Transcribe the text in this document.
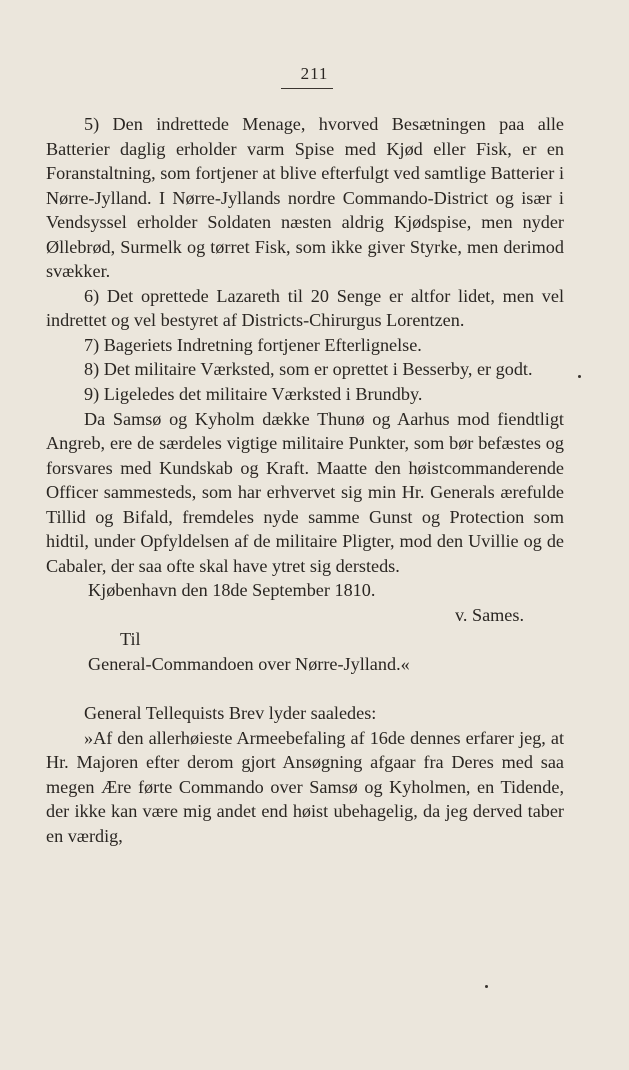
211

5) Den indrettede Menage, hvorved Besætningen paa alle Batterier daglig erholder varm Spise med Kjød eller Fisk, er en Foranstaltning, som fortjener at blive efterfulgt ved samtlige Batterier i Nørre-Jylland. I Nørre-Jyllands nordre Commando-District og især i Vendsyssel erholder Soldaten næsten aldrig Kjødspise, men nyder Øllebrød, Surmelk og tørret Fisk, som ikke giver Styrke, men derimod svækker.

6) Det oprettede Lazareth til 20 Senge er altfor lidet, men vel indrettet og vel bestyret af Districts-Chirurgus Lorentzen.

7) Bageriets Indretning fortjener Efterlignelse.

8) Det militaire Værksted, som er oprettet i Besserby, er godt.

9) Ligeledes det militaire Værksted i Brundby.

Da Samsø og Kyholm dække Thunø og Aarhus mod fiendtligt Angreb, ere de særdeles vigtige militaire Punkter, som bør befæstes og forsvares med Kundskab og Kraft. Maatte den høistcommanderende Officer sammesteds, som har erhvervet sig min Hr. Generals ærefulde Tillid og Bifald, fremdeles nyde samme Gunst og Protection som hidtil, under Opfyldelsen af de militaire Pligter, mod den Uvillie og de Cabaler, der saa ofte skal have ytret sig dersteds.

Kjøbenhavn den 18de September 1810.

v. Sames.

Til

General-Commandoen over Nørre-Jylland.«

General Tellequists Brev lyder saaledes:

»Af den allerhøieste Armeebefaling af 16de dennes erfarer jeg, at Hr. Majoren efter derom gjort Ansøgning afgaar fra Deres med saa megen Ære førte Commando over Samsø og Kyholmen, en Tidende, der ikke kan være mig andet end høist ubehagelig, da jeg derved taber en værdig,
